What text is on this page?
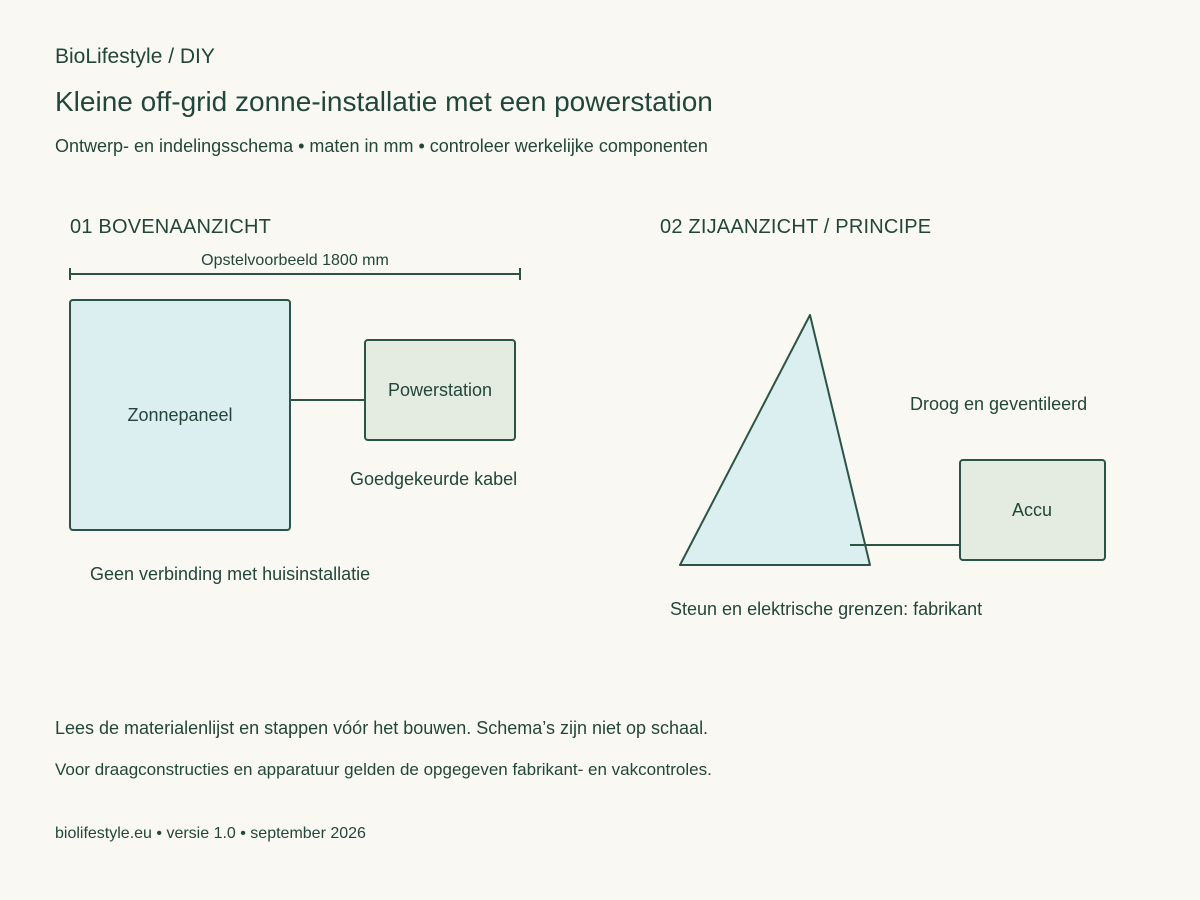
BioLifestyle / DIY
Kleine off-grid zonne-installatie met een powerstation
Ontwerp- en indelingsschema • maten in mm • controleer werkelijke componenten
01 BOVENAANZICHT	02 ZIJAANZICHT / PRINCIPE
Opstelvoorbeeld 1800 mm
Zonnepaneel
Powerstation
Goedgekeurde kabel
Geen verbinding met huisinstallatie
Droog en geventileerd
Accu
Steun en elektrische grenzen: fabrikant
Lees de materialenlijst en stappen vóór het bouwen. Schema’s zijn niet op schaal.
Voor draagconstructies en apparatuur gelden de opgegeven fabrikant- en vakcontroles.
biolifestyle.eu • versie 1.0 • september 2026
